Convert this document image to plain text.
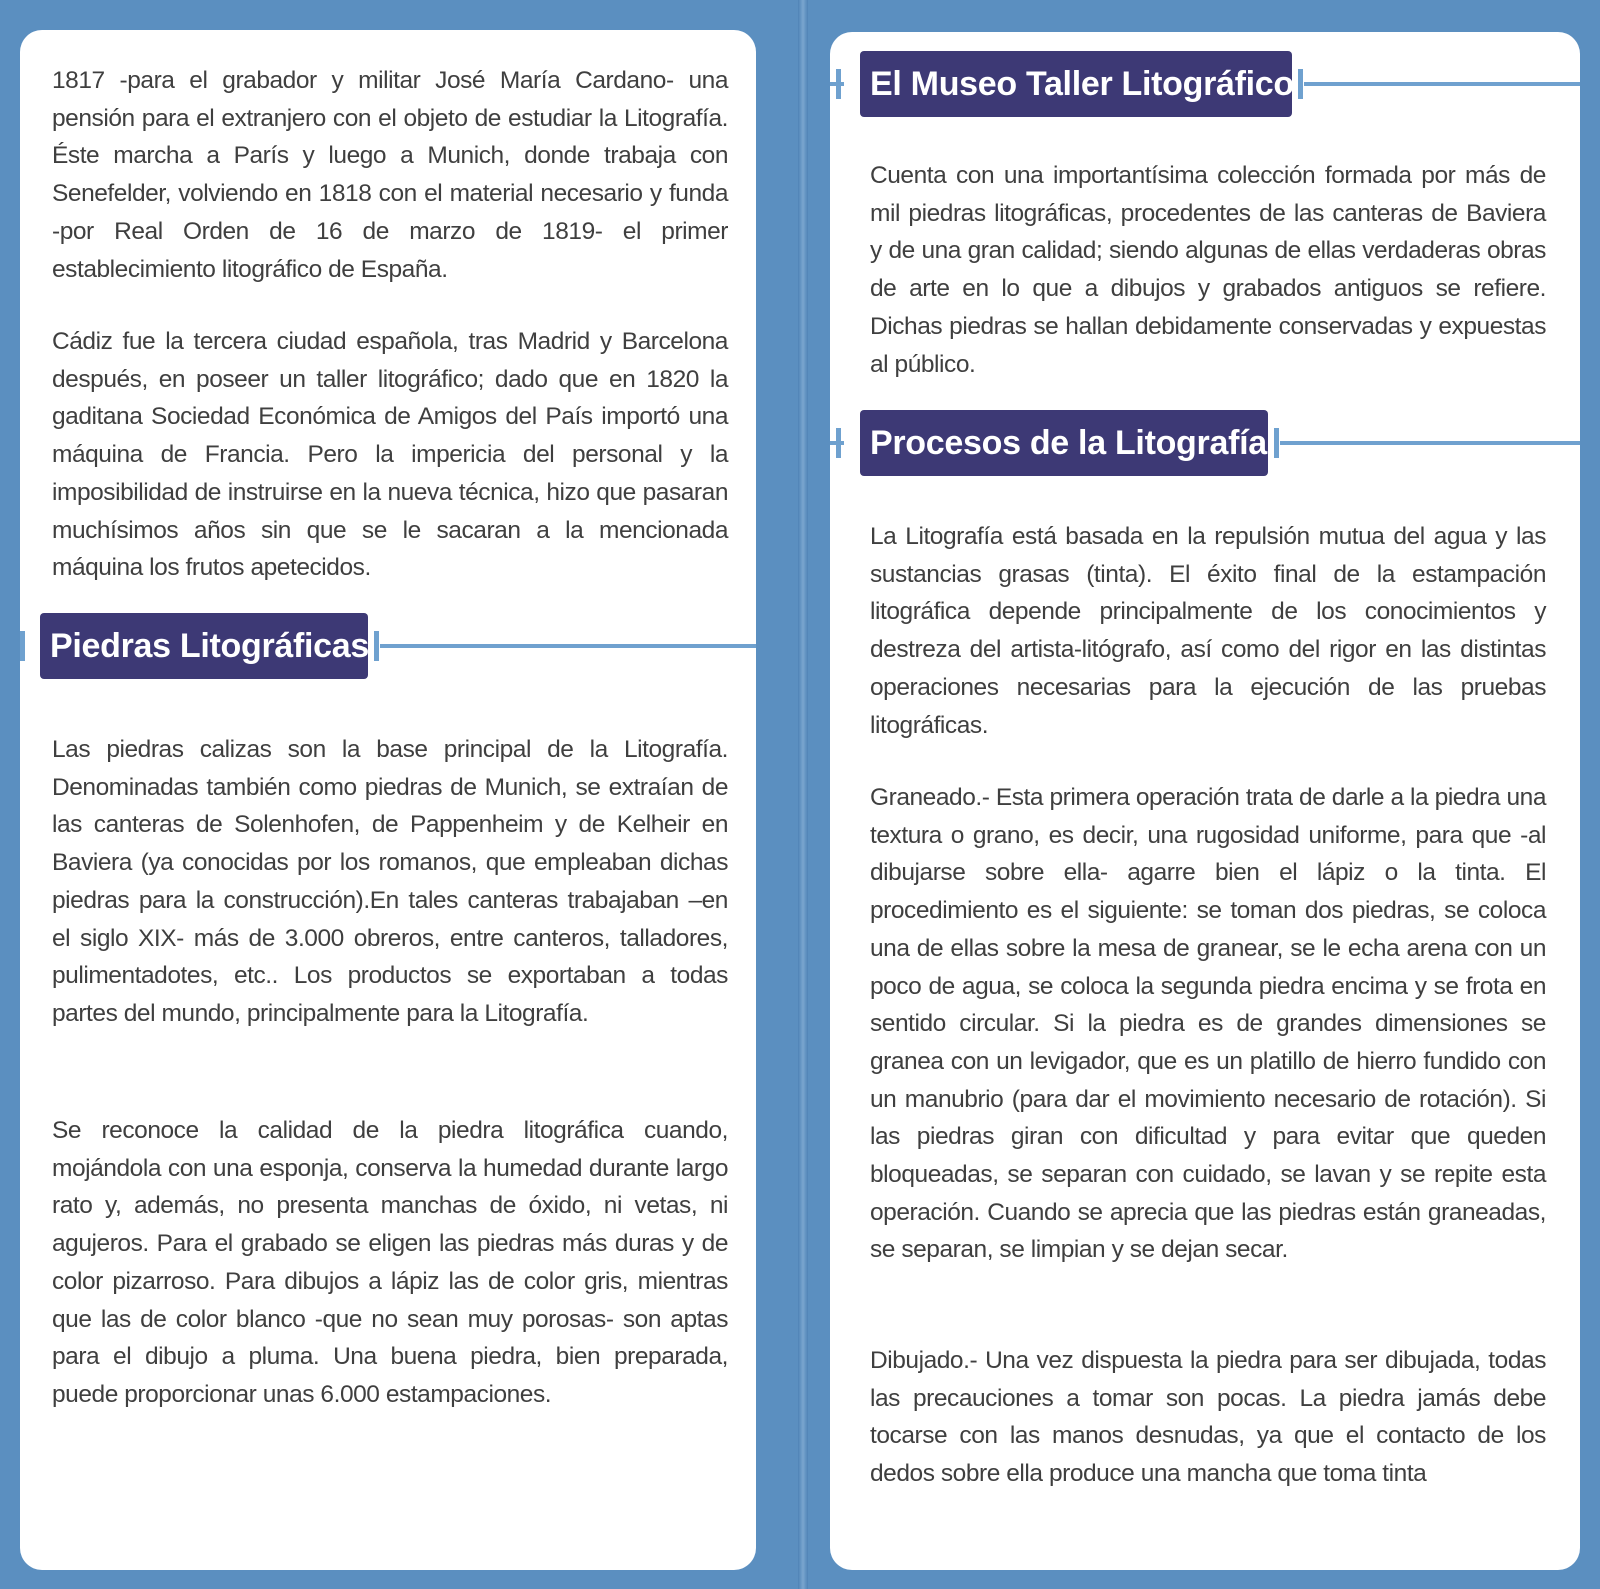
1817 -para el grabador y militar José María Cardano- una pensión para el extranjero con el objeto de estudiar la Litografía. Éste marcha a París y luego a Munich, donde trabaja con Senefelder, volviendo en 1818 con el material necesario y funda -por Real Orden de 16 de marzo de 1819- el primer establecimiento litográfico de España.

Cádiz fue la tercera ciudad española, tras Madrid y Barcelona después, en poseer un taller litográfico; dado que en 1820 la gaditana Sociedad Económica de Amigos del País importó una máquina de Francia. Pero la impericia del personal y la imposibilidad de instruirse en la nueva técnica, hizo que pasaran muchísimos años sin que se le sacaran a la mencionada máquina los frutos apetecidos.

Piedras Litográficas

Las piedras calizas son la base principal de la Litografía. Denominadas también como piedras de Munich, se extraían de las canteras de Solenhofen, de Pappenheim y de Kelheir en Baviera (ya conocidas por los romanos, que empleaban dichas piedras para la construcción).En tales canteras trabajaban –en el siglo XIX- más de 3.000 obreros, entre canteros, talladores, pulimentadotes, etc.. Los productos se exportaban a todas partes del mundo, principalmente para la Litografía.

Se reconoce la calidad de la piedra litográfica cuando, mojándola con una esponja, conserva la humedad durante largo rato y, además, no presenta manchas de óxido, ni vetas, ni agujeros. Para el grabado se eligen las piedras más duras y de color pizarroso. Para dibujos a lápiz las de color gris, mientras que las de color blanco -que no sean muy porosas- son aptas para el dibujo a pluma. Una buena piedra, bien preparada, puede proporcionar unas 6.000 estampaciones.

El Museo Taller Litográfico

Cuenta con una importantísima colección formada por más de mil piedras litográficas, procedentes de las canteras de Baviera y de una gran calidad; siendo algunas de ellas verdaderas obras de arte en lo que a dibujos y grabados antiguos se refiere. Dichas piedras se hallan debidamente conservadas y expuestas al público.

Procesos de la Litografía

La Litografía está basada en la repulsión mutua del agua y las sustancias grasas (tinta). El éxito final de la estampación litográfica depende principalmente de los conocimientos y destreza del artista-litógrafo, así como del rigor en las distintas operaciones necesarias para la ejecución de las pruebas litográficas.

Graneado.- Esta primera operación trata de darle a la piedra una textura o grano, es decir, una rugosidad uniforme, para que -al dibujarse sobre ella- agarre bien el lápiz o la tinta. El procedimiento es el siguiente: se toman dos piedras, se coloca una de ellas sobre la mesa de granear, se le echa arena con un poco de agua, se coloca la segunda piedra encima y se frota en sentido circular. Si la piedra es de grandes dimensiones se granea con un levigador, que es un platillo de hierro fundido con un manubrio (para dar el movimiento necesario de rotación). Si las piedras giran con dificultad y para evitar que queden bloqueadas, se separan con cuidado, se lavan y se repite esta operación. Cuando se aprecia que las piedras están graneadas, se separan, se limpian y se dejan secar.

Dibujado.- Una vez dispuesta la piedra para ser dibujada, todas las precauciones a tomar son pocas. La piedra jamás debe tocarse con las manos desnudas, ya que el contacto de los dedos sobre ella produce una mancha que toma tinta
